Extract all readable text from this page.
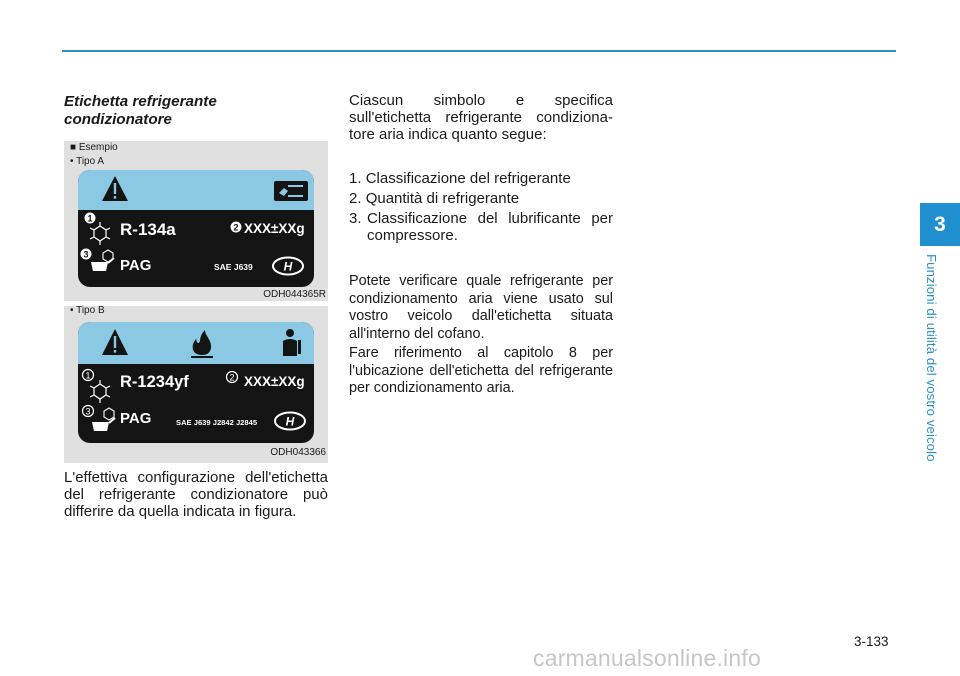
3
Funzioni di utilità del vostro veicolo
Etichetta refrigerante condizionatore
■ Esempio
• Tipo A
1
2
3
H
R-134a	XXX±XXg
PAG	SAE J639
ODH044365R
• Tipo B
1	2
3
H
R-1234yf	XXX±XXg
PAG	SAE J639 J2842 J2845
ODH043366
L'effettiva configurazione dell'etichetta del refrigerante condizionatore può differire da quella indicata in figura.
Ciascun simbolo e specifica sull'etichetta refrigerante condiziona-tore aria indica quanto segue:
1. Classificazione del refrigerante
2. Quantità di refrigerante
3. Classificazione del lubrificante per compressore.
Potete verificare quale refrigerante per condizionamento aria viene usato sul vostro veicolo dall'etichetta situata all'interno del cofano.
Fare riferimento al capitolo 8 per l'ubicazione dell'etichetta del refrigerante per condizionamento aria.
3-133
carmanualsonline.info
